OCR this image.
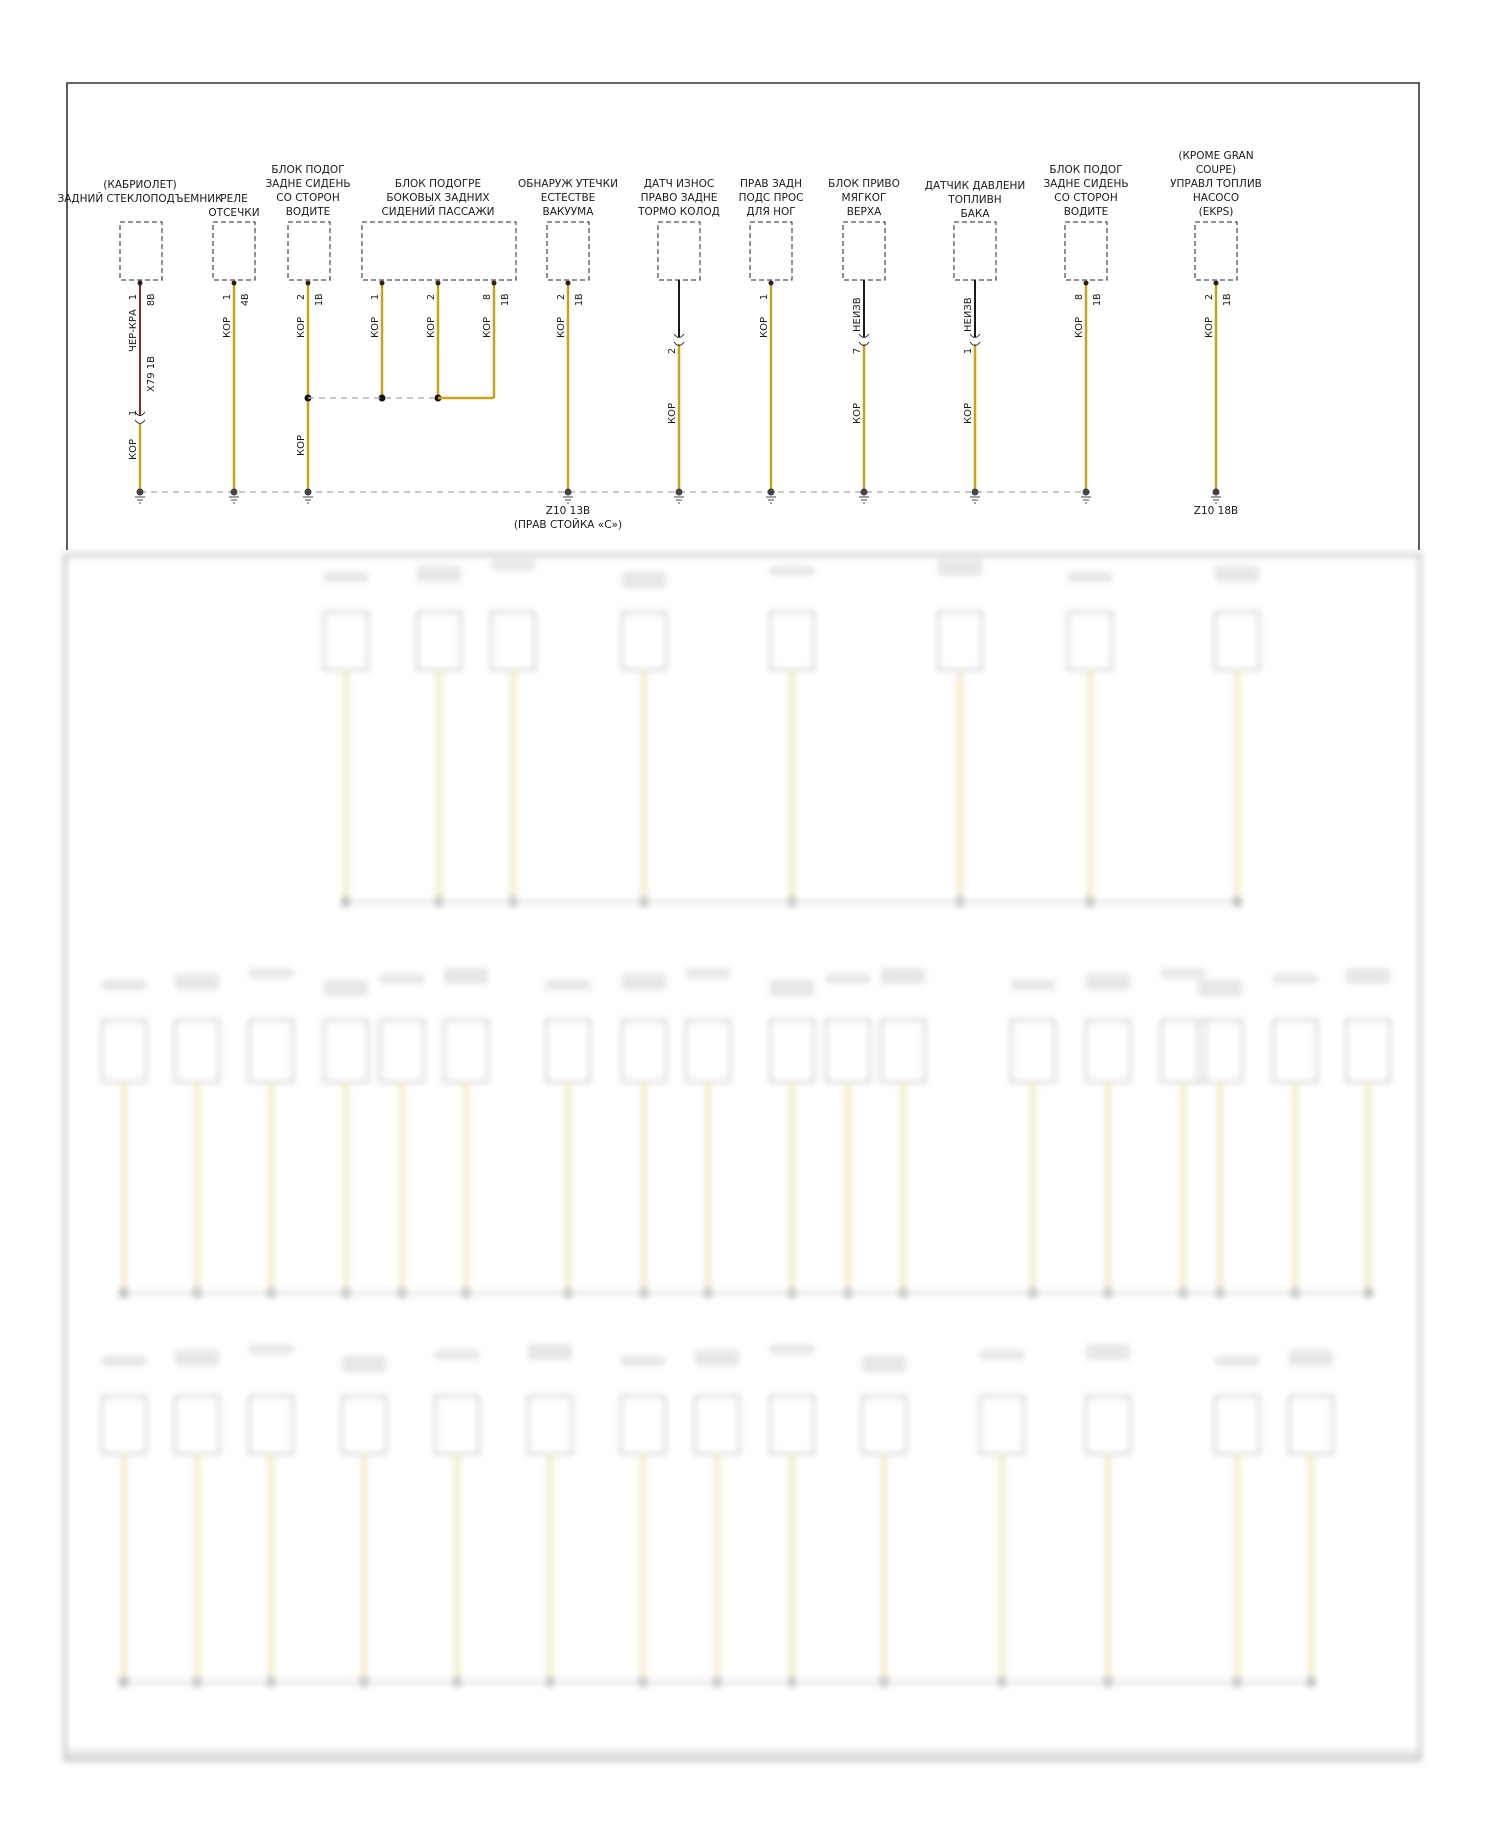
(КАБРИОЛЕТ)
ЗАДНИЙ СТЕКЛОПОДЪЕМНИК
1 8В
ЧЕР-КРА
X79 1B
1
КОР
РЕЛЕ
ОТСЕЧКИ
1 4В
КОР
БЛОК ПОДОГ
ЗАДНЕ СИДЕНЬ
СО СТОРОН
ВОДИТЕ
2 1В
КОР
КОР
БЛОК ПОДОГРЕ
БОКОВЫХ ЗАДНИХ
СИДЕНИЙ ПАССАЖИ
1
КОР
2
КОР
8 1В
КОР
ОБНАРУЖ УТЕЧКИ
ЕСТЕСТВЕ
ВАКУУМА
2 1В
КОР
ДАТЧ ИЗНОС
ПРАВО ЗАДНЕ
ТОРМО КОЛОД
2
КОР
ПРАВ ЗАДН
ПОДС ПРОС
ДЛЯ НОГ
1
КОР
БЛОК ПРИВО
МЯГКОГ
ВЕРХА
НЕИЗВ
7
КОР
ДАТЧИК ДАВЛЕНИ
ТОПЛИВН
БАКА
НЕИЗВ
1
КОР
БЛОК ПОДОГ
ЗАДНЕ СИДЕНЬ
СО СТОРОН
ВОДИТЕ
8 1В
КОР
(КРОМЕ GRAN
COUPE)
УПРАВЛ ТОПЛИВ
НАСОСО
(EKPS)
2 1В
КОР
Z10 13B
(ПРАВ СТОЙКА «С»)
Z10 18B
